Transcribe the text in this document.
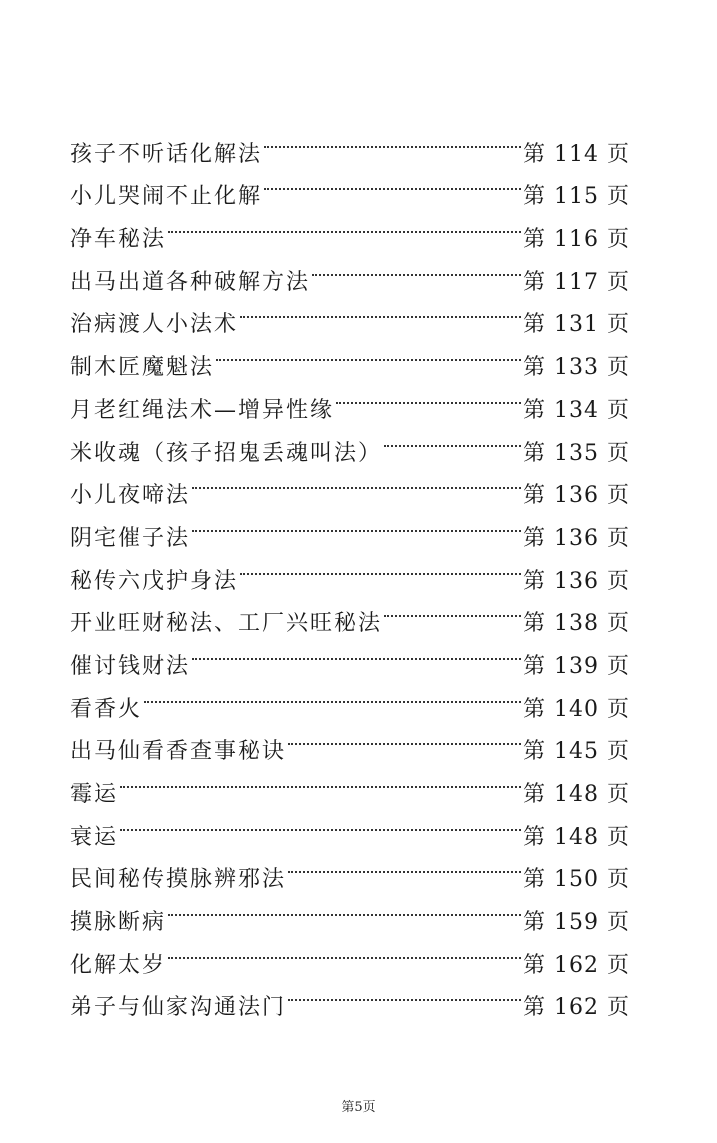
孩子不听话化解法	第 114 页
小儿哭闹不止化解	第 115 页
净车秘法	第 116 页
出马出道各种破解方法	第 117 页
治病渡人小法术	第 131 页
制木匠魔魁法	第 133 页
月老红绳法术—增异性缘	第 134 页
米收魂（孩子招鬼丢魂叫法）	第 135 页
小儿夜啼法	第 136 页
阴宅催子法	第 136 页
秘传六戊护身法	第 136 页
开业旺财秘法、工厂兴旺秘法	第 138 页
催讨钱财法	第 139 页
看香火	第 140 页
出马仙看香查事秘诀	第 145 页
霉运	第 148 页
衰运	第 148 页
民间秘传摸脉辨邪法	第 150 页
摸脉断病	第 159 页
化解太岁	第 162 页
弟子与仙家沟通法门	第 162 页
第5页
